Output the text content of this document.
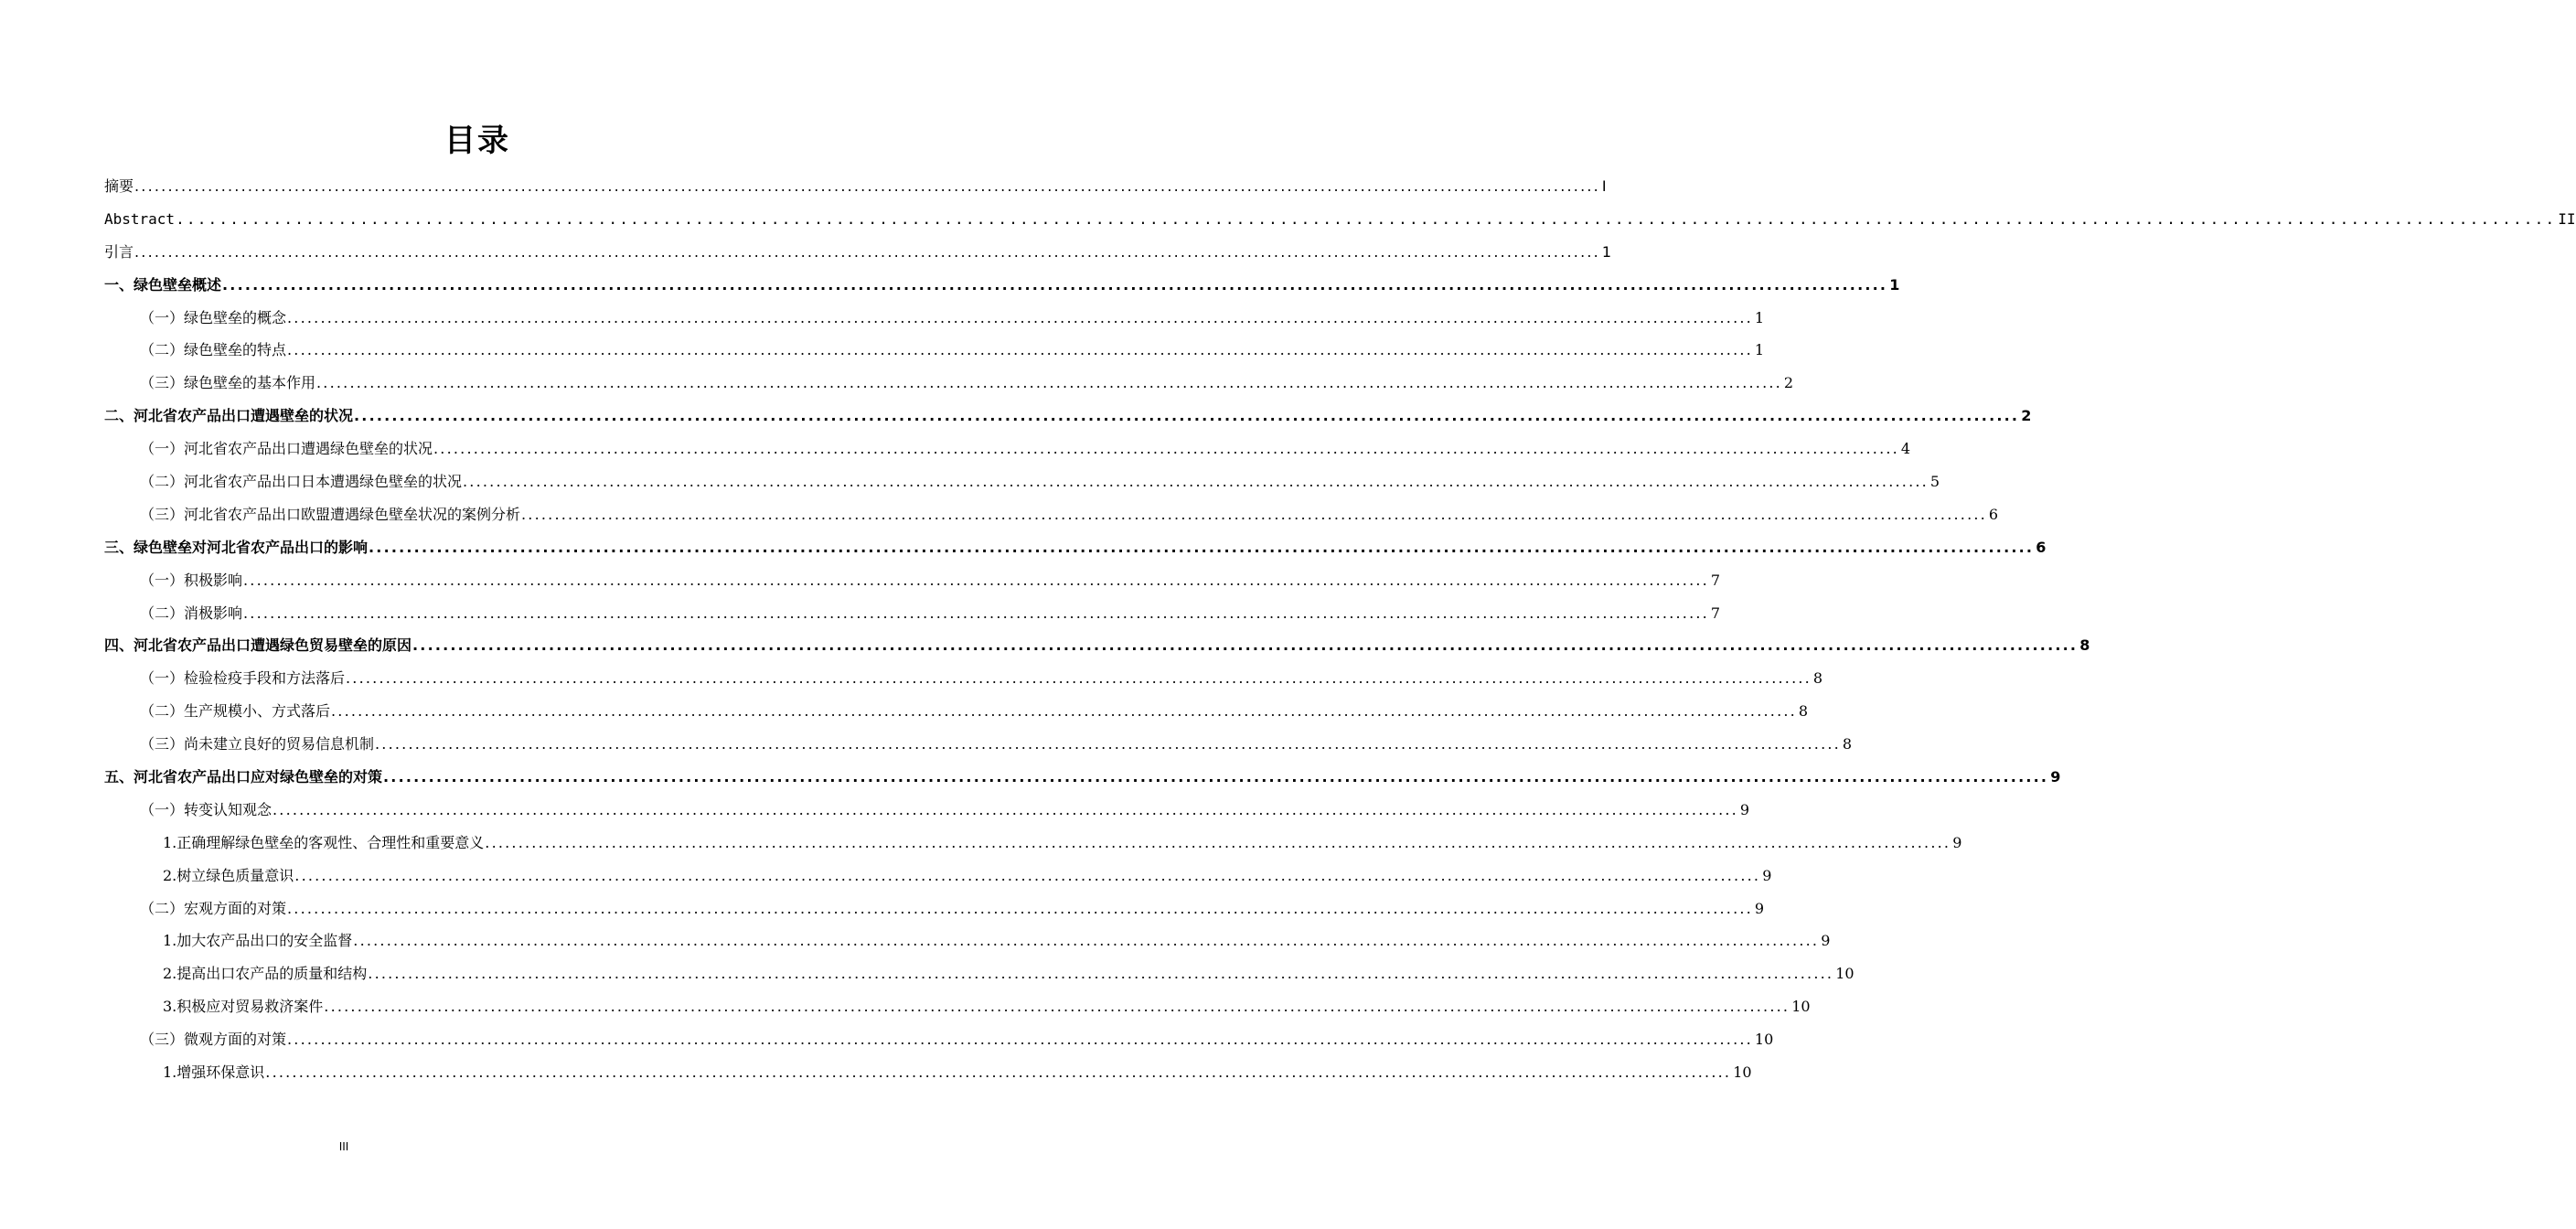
目录
摘要 ............................................................................................................................................................................................................................ I
Abstract ............................................................................................................................................................................................................................ II
引言 ............................................................................................................................................................................................................................ 1
一、绿色壁垒概述 ............................................................................................................................................................................................................................ 1
（一）绿色壁垒的概念 ............................................................................................................................................................................................................................ 1
（二）绿色壁垒的特点 ............................................................................................................................................................................................................................ 1
（三）绿色壁垒的基本作用 ............................................................................................................................................................................................................................ 2
二、河北省农产品出口遭遇壁垒的状况 ............................................................................................................................................................................................................................ 2
（一）河北省农产品出口遭遇绿色壁垒的状况 ............................................................................................................................................................................................................................ 4
（二）河北省农产品出口日本遭遇绿色壁垒的状况 ............................................................................................................................................................................................................................ 5
（三）河北省农产品出口欧盟遭遇绿色壁垒状况的案例分析 ............................................................................................................................................................................................................................ 6
三、绿色壁垒对河北省农产品出口的影响 ............................................................................................................................................................................................................................ 6
（一）积极影响 ............................................................................................................................................................................................................................ 7
（二）消极影响 ............................................................................................................................................................................................................................ 7
四、河北省农产品出口遭遇绿色贸易壁垒的原因 ............................................................................................................................................................................................................................ 8
（一）检验检疫手段和方法落后 ............................................................................................................................................................................................................................ 8
（二）生产规模小、方式落后 ............................................................................................................................................................................................................................ 8
（三）尚未建立良好的贸易信息机制 ............................................................................................................................................................................................................................ 8
五、河北省农产品出口应对绿色壁垒的对策 ............................................................................................................................................................................................................................ 9
（一）转变认知观念 ............................................................................................................................................................................................................................ 9
1.正确理解绿色壁垒的客观性、合理性和重要意义 ............................................................................................................................................................................................................................ 9
2.树立绿色质量意识 ............................................................................................................................................................................................................................ 9
（二）宏观方面的对策 ............................................................................................................................................................................................................................ 9
1.加大农产品出口的安全监督 ............................................................................................................................................................................................................................ 9
2.提高出口农产品的质量和结构 ............................................................................................................................................................................................................................ 10
3.积极应对贸易救济案件 ............................................................................................................................................................................................................................ 10
（三）微观方面的对策 ............................................................................................................................................................................................................................ 10
1.增强环保意识 ............................................................................................................................................................................................................................ 10
III
